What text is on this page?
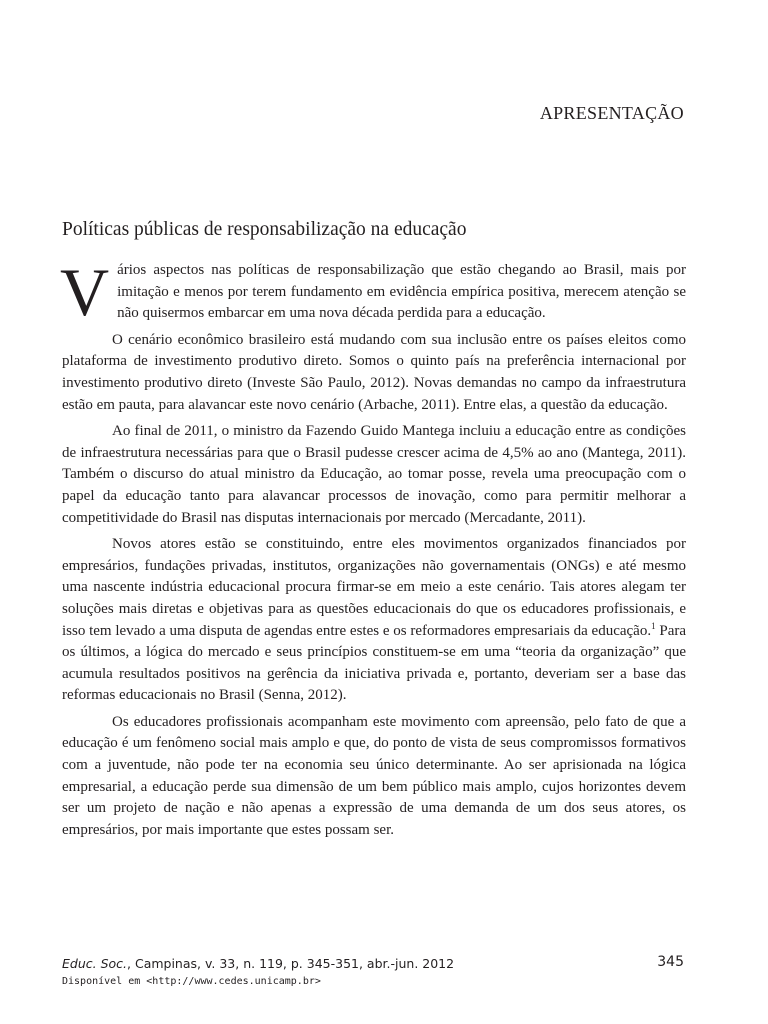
APRESENTAÇÃO
Políticas públicas de responsabilização na educação

Vários aspectos nas políticas de responsabilização que estão chegando ao Brasil, mais por imitação e menos por terem fundamento em evidência empírica positiva, merecem atenção se não quisermos embarcar em uma nova década perdida para a educação.

O cenário econômico brasileiro está mudando com sua inclusão entre os países eleitos como plataforma de investimento produtivo direto. Somos o quinto país na preferência internacional por investimento produtivo direto (Investe São Paulo, 2012). Novas demandas no campo da infraestrutura estão em pauta, para alavancar este novo cenário (Arbache, 2011). Entre elas, a questão da educação.

Ao final de 2011, o ministro da Fazendo Guido Mantega incluiu a educação entre as condições de infraestrutura necessárias para que o Brasil pudesse crescer acima de 4,5% ao ano (Mantega, 2011). Também o discurso do atual ministro da Educação, ao tomar posse, revela uma preocupação com o papel da educação tanto para alavancar processos de inovação, como para permitir melhorar a competitividade do Brasil nas disputas internacionais por mercado (Mercadante, 2011).

Novos atores estão se constituindo, entre eles movimentos organizados financiados por empresários, fundações privadas, institutos, organizações não governamentais (ONGs) e até mesmo uma nascente indústria educacional procura firmar-se em meio a este cenário. Tais atores alegam ter soluções mais diretas e objetivas para as questões educacionais do que os educadores profissionais, e isso tem levado a uma disputa de agendas entre estes e os reformadores empresariais da educação.$^1$ Para os últimos, a lógica do mercado e seus princípios constituem-se em uma “teoria da organização” que acumula resultados positivos na gerência da iniciativa privada e, portanto, deveriam ser a base das reformas educacionais no Brasil (Senna, 2012).

Os educadores profissionais acompanham este movimento com apreensão, pelo fato de que a educação é um fenômeno social mais amplo e que, do ponto de vista de seus compromissos formativos com a juventude, não pode ter na economia seu único determinante. Ao ser aprisionada na lógica empresarial, a educação perde sua dimensão de um bem público mais amplo, cujos horizontes devem ser um projeto de nação e não apenas a expressão de uma demanda de um dos seus atores, os empresários, por mais importante que estes possam ser.

Educ. Soc., Campinas, v. 33, n. 119, p. 345-351, abr.-jun. 2012	345
Disponível em <http://www.cedes.unicamp.br>
